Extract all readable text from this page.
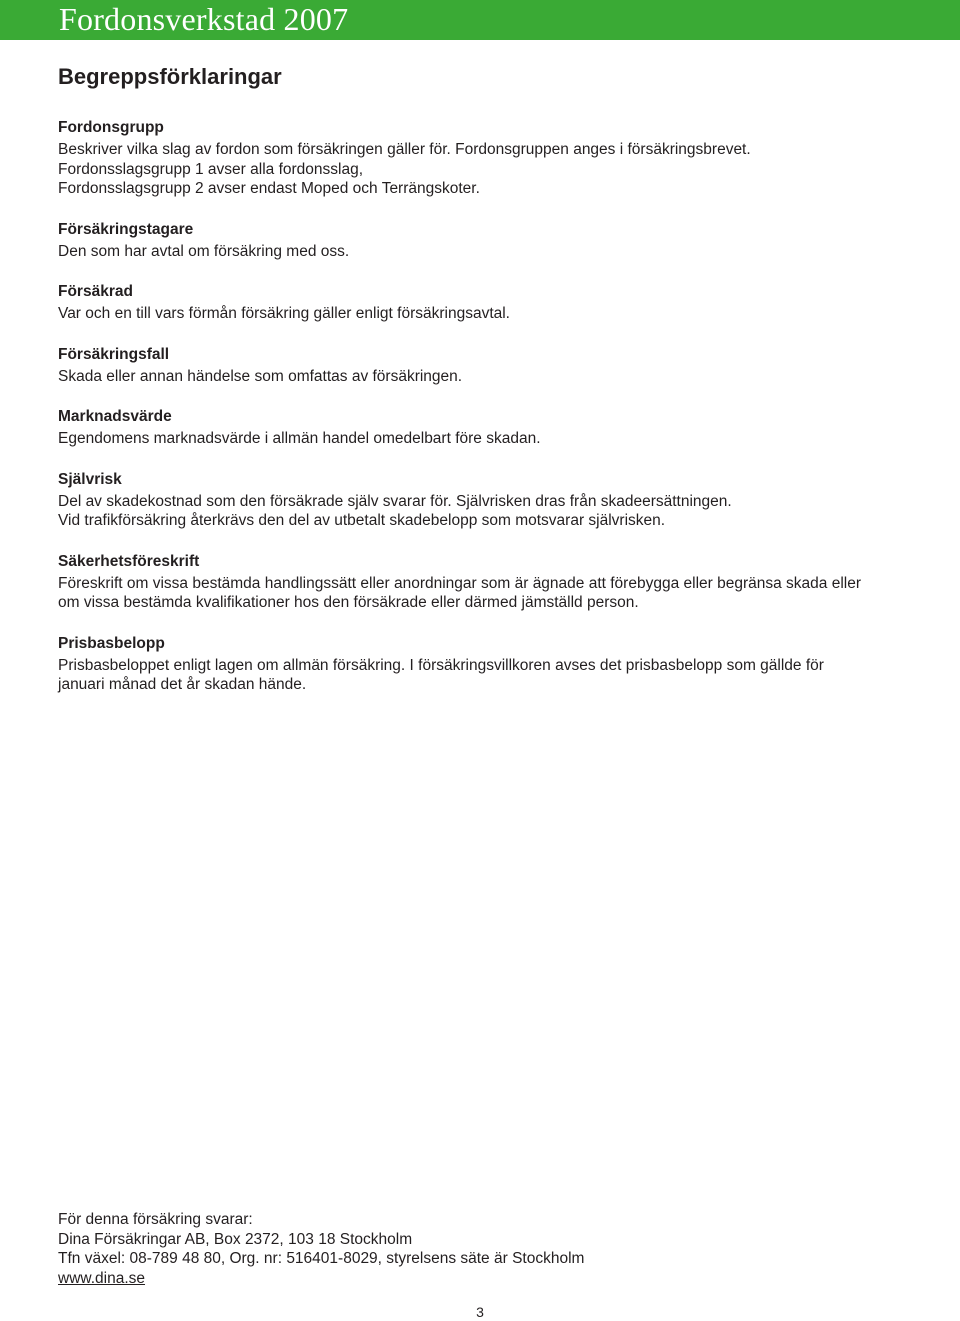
Fordonsverkstad 2007
Begreppsförklaringar
Fordonsgrupp

Beskriver vilka slag av fordon som försäkringen gäller för. Fordonsgruppen anges i försäkringsbrevet.

Fordonsslagsgrupp 1 avser alla fordonsslag,

Fordonsslagsgrupp 2 avser endast Moped och Terrängskoter.

Försäkringstagare

Den som har avtal om försäkring med oss.

Försäkrad

Var och en till vars förmån försäkring gäller enligt försäkringsavtal.

Försäkringsfall

Skada eller annan händelse som omfattas av försäkringen.

Marknadsvärde

Egendomens marknadsvärde i allmän handel omedelbart före skadan.

Självrisk

Del av skadekostnad som den försäkrade själv svarar för. Självrisken dras från skadeersättningen.

Vid trafikförsäkring återkrävs den del av utbetalt skadebelopp som motsvarar självrisken.

Säkerhetsföreskrift

Föreskrift om vissa bestämda handlingssätt eller anordningar som är ägnade att förebygga eller begränsa skada eller

om vissa bestämda kvalifikationer hos den försäkrade eller därmed jämställd person.

Prisbasbelopp

Prisbasbeloppet enligt lagen om allmän försäkring. I försäkringsvillkoren avses det prisbasbelopp som gällde för

januari månad det år skadan hände.

För denna försäkring svarar:

Dina Försäkringar AB, Box 2372, 103 18 Stockholm

Tfn växel: 08-789 48 80, Org. nr: 516401-8029, styrelsens säte är Stockholm

www.dina.se

3
